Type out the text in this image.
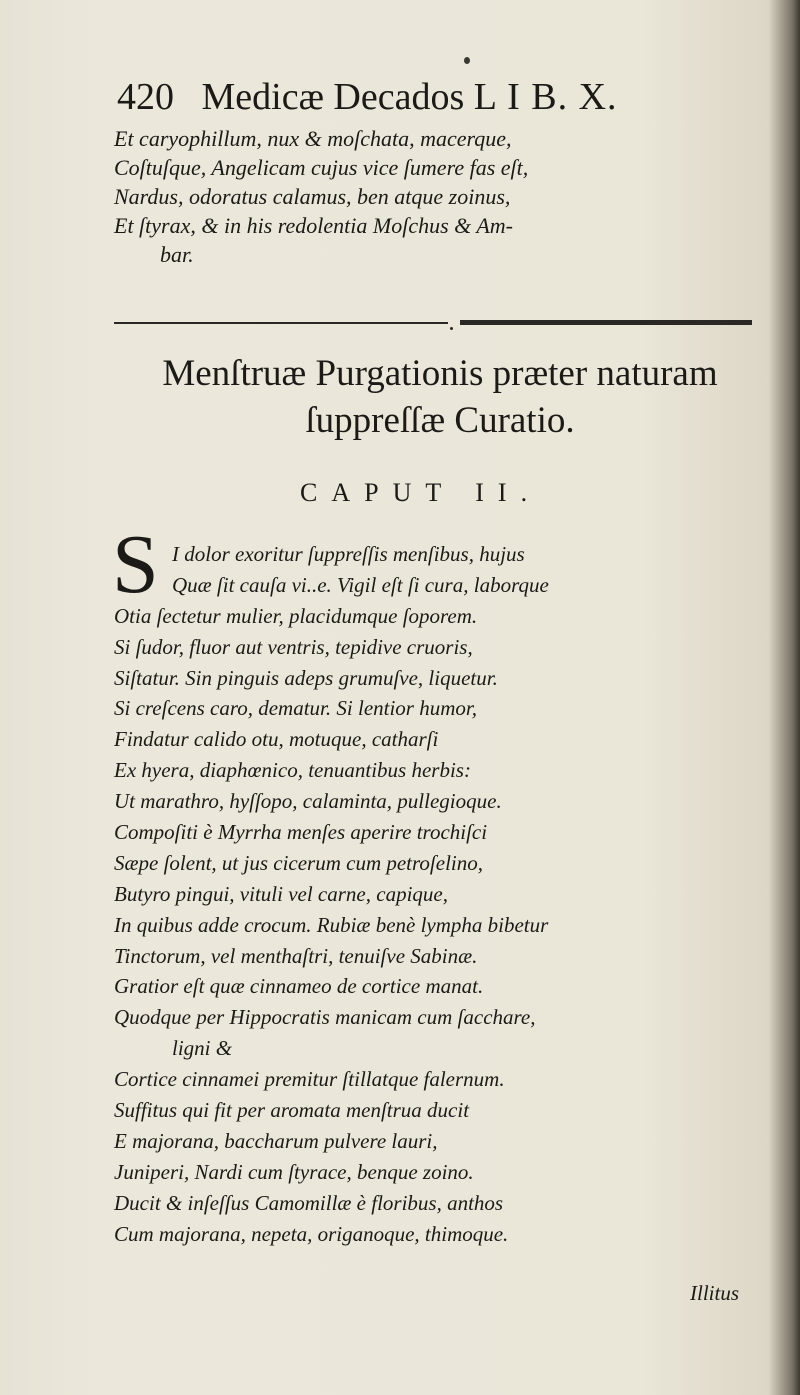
420 Medicæ Decados L I B. X.
Et caryophillum, nux & moſchata, macerque,
Coſtuſque, Angelicam cujus vice ſumere fas eſt,
Nardus, odoratus calamus, ben atque zoinus,
Et ſtyrax, & in his redolentia Moſchus & Am-
bar.
Menſtruæ Purgationis præter naturam
ſuppreſſæ Curatio.
CAPUT II.
S I dolor exoritur ſuppreſſis menſibus, hujus
Quæ ſit cauſa vi..e. Vigil eſt ſi cura, laborque
Otia ſectetur mulier, placidumque ſoporem.
Si ſudor, fluor aut ventris, tepidive cruoris,
Siſtatur. Sin pinguis adeps grumuſve, liquetur.
Si creſcens caro, dematur. Si lentior humor,
Findatur calido otu, motuque, catharſi
Ex hyera, diaphœnico, tenuantibus herbis:
Ut marathro, hyſſopo, calaminta, pullegioque.
Compoſiti è Myrrha menſes aperire trochiſci
Sæpe ſolent, ut jus cicerum cum petroſelino,
Butyro pingui, vituli vel carne, capique,
In quibus adde crocum. Rubiæ benè lympha bibetur
Tinctorum, vel menthaſtri, tenuiſve Sabinæ.
Gratior eſt quæ cinnameo de cortice manat.
Quodque per Hippocratis manicam cum ſacchare,
ligni &
Cortice cinnamei premitur ſtillatque falernum.
Suffitus qui fit per aromata menſtrua ducit
E majorana, baccharum pulvere lauri,
Juniperi, Nardi cum ſtyrace, benque zoino.
Ducit & inſeſſus Camomillæ è floribus, anthos
Cum majorana, nepeta, origanoque, thimoque.
Illitus
